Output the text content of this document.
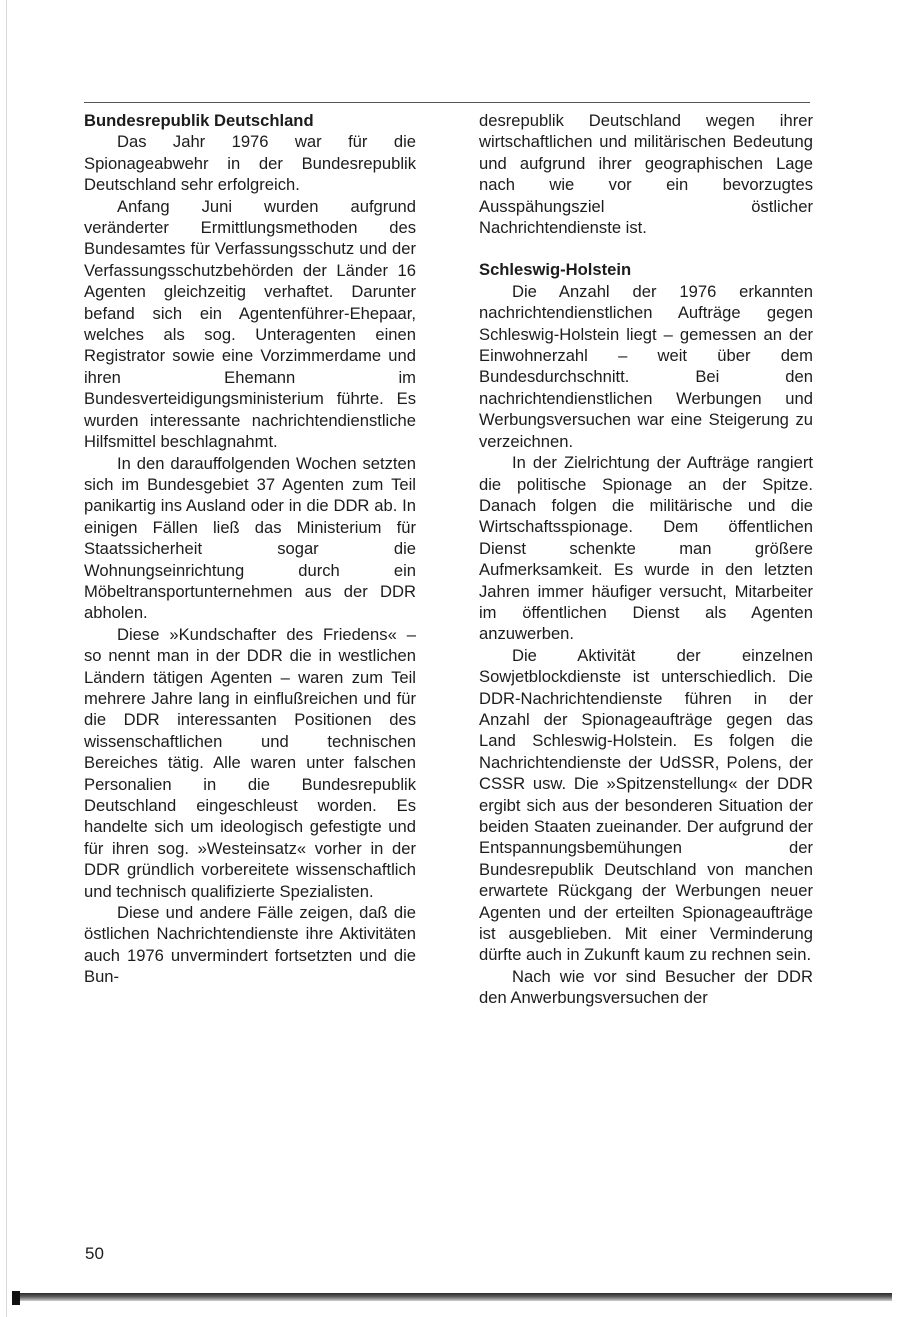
Bundesrepublik Deutschland

Das Jahr 1976 war für die Spionageabwehr in der Bundesrepublik Deutschland sehr erfolgreich.

Anfang Juni wurden aufgrund veränderter Ermittlungsmethoden des Bundesamtes für Verfassungsschutz und der Verfassungsschutzbehörden der Länder 16 Agenten gleichzeitig verhaftet. Darunter befand sich ein Agentenführer-Ehepaar, welches als sog. Unteragenten einen Registrator sowie eine Vorzimmerdame und ihren Ehemann im Bundesverteidigungsministerium führte. Es wurden interessante nachrichtendienstliche Hilfsmittel beschlagnahmt.

In den darauffolgenden Wochen setzten sich im Bundesgebiet 37 Agenten zum Teil panikartig ins Ausland oder in die DDR ab. In einigen Fällen ließ das Ministerium für Staatssicherheit sogar die Wohnungseinrichtung durch ein Möbeltransportunternehmen aus der DDR abholen.

Diese »Kundschafter des Friedens« – so nennt man in der DDR die in westlichen Ländern tätigen Agenten – waren zum Teil mehrere Jahre lang in einflußreichen und für die DDR interessanten Positionen des wissenschaftlichen und technischen Bereiches tätig. Alle waren unter falschen Personalien in die Bundesrepublik Deutschland eingeschleust worden. Es handelte sich um ideologisch gefestigte und für ihren sog. »Westeinsatz« vorher in der DDR gründlich vorbereitete wissenschaftlich und technisch qualifizierte Spezialisten.

Diese und andere Fälle zeigen, daß die östlichen Nachrichtendienste ihre Aktivitäten auch 1976 unvermindert fortsetzten und die Bun-

desrepublik Deutschland wegen ihrer wirtschaftlichen und militärischen Bedeutung und aufgrund ihrer geographischen Lage nach wie vor ein bevorzugtes Ausspähungsziel östlicher Nachrichtendienste ist.

Schleswig-Holstein

Die Anzahl der 1976 erkannten nachrichtendienstlichen Aufträge gegen Schleswig-Holstein liegt – gemessen an der Einwohnerzahl – weit über dem Bundesdurchschnitt. Bei den nachrichtendienstlichen Werbungen und Werbungsversuchen war eine Steigerung zu verzeichnen.

In der Zielrichtung der Aufträge rangiert die politische Spionage an der Spitze. Danach folgen die militärische und die Wirtschaftsspionage. Dem öffentlichen Dienst schenkte man größere Aufmerksamkeit. Es wurde in den letzten Jahren immer häufiger versucht, Mitarbeiter im öffentlichen Dienst als Agenten anzuwerben.

Die Aktivität der einzelnen Sowjetblockdienste ist unterschiedlich. Die DDR-Nachrichtendienste führen in der Anzahl der Spionageaufträge gegen das Land Schleswig-Holstein. Es folgen die Nachrichtendienste der UdSSR, Polens, der CSSR usw. Die »Spitzenstellung« der DDR ergibt sich aus der besonderen Situation der beiden Staaten zueinander. Der aufgrund der Entspannungsbemühungen der Bundesrepublik Deutschland von manchen erwartete Rückgang der Werbungen neuer Agenten und der erteilten Spionageaufträge ist ausgeblieben. Mit einer Verminderung dürfte auch in Zukunft kaum zu rechnen sein.

Nach wie vor sind Besucher der DDR den Anwerbungsversuchen der

50
